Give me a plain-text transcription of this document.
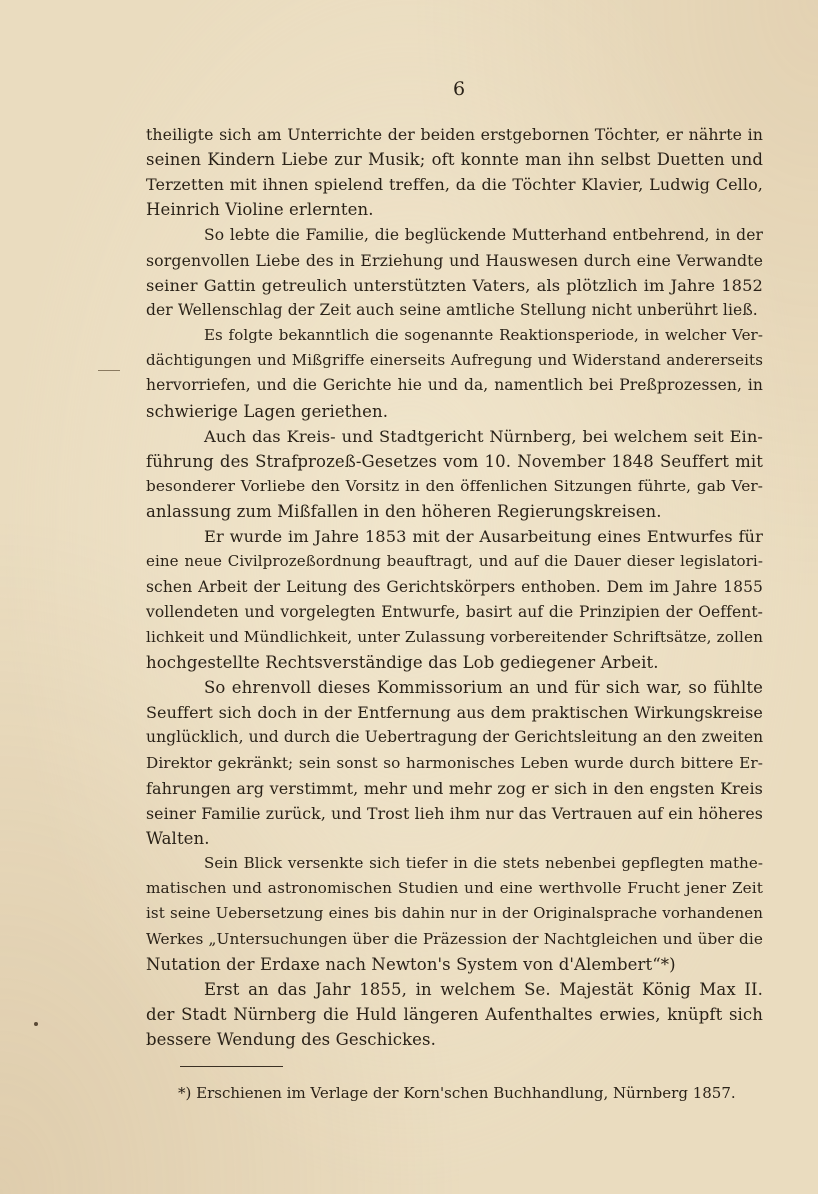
6
theiligte sich am Unterrichte der beiden erstgebornen Töchter, er nährte in
seinen Kindern Liebe zur Musik; oft konnte man ihn selbst Duetten und
Terzetten mit ihnen spielend treffen, da die Töchter Klavier, Ludwig Cello,
Heinrich Violine erlernten.
So lebte die Familie, die beglückende Mutterhand entbehrend, in der
sorgenvollen Liebe des in Erziehung und Hauswesen durch eine Verwandte
seiner Gattin getreulich unterstützten Vaters, als plötzlich im Jahre 1852
der Wellenschlag der Zeit auch seine amtliche Stellung nicht unberührt ließ.
Es folgte bekanntlich die sogenannte Reaktionsperiode, in welcher Ver-
dächtigungen und Mißgriffe einerseits Aufregung und Widerstand andererseits
hervorriefen, und die Gerichte hie und da, namentlich bei Preßprozessen, in
schwierige Lagen geriethen.
Auch das Kreis- und Stadtgericht Nürnberg, bei welchem seit Ein-
führung des Strafprozeß-Gesetzes vom 10. November 1848 Seuffert mit
besonderer Vorliebe den Vorsitz in den öffenlichen Sitzungen führte, gab Ver-
anlassung zum Mißfallen in den höheren Regierungskreisen.
Er wurde im Jahre 1853 mit der Ausarbeitung eines Entwurfes für
eine neue Civilprozeßordnung beauftragt, und auf die Dauer dieser legislatori-
schen Arbeit der Leitung des Gerichtskörpers enthoben. Dem im Jahre 1855
vollendeten und vorgelegten Entwurfe, basirt auf die Prinzipien der Oeffent-
lichkeit und Mündlichkeit, unter Zulassung vorbereitender Schriftsätze, zollen
hochgestellte Rechtsverständige das Lob gediegener Arbeit.
So ehrenvoll dieses Kommissorium an und für sich war, so fühlte
Seuffert sich doch in der Entfernung aus dem praktischen Wirkungskreise
unglücklich, und durch die Uebertragung der Gerichtsleitung an den zweiten
Direktor gekränkt; sein sonst so harmonisches Leben wurde durch bittere Er-
fahrungen arg verstimmt, mehr und mehr zog er sich in den engsten Kreis
seiner Familie zurück, und Trost lieh ihm nur das Vertrauen auf ein höheres
Walten.
Sein Blick versenkte sich tiefer in die stets nebenbei gepflegten mathe-
matischen und astronomischen Studien und eine werthvolle Frucht jener Zeit
ist seine Uebersetzung eines bis dahin nur in der Originalsprache vorhandenen
Werkes „Untersuchungen über die Präzession der Nachtgleichen und über die
Nutation der Erdaxe nach Newton's System von d'Alembert“*)
Erst an das Jahr 1855, in welchem Se. Majestät König Max II.
der Stadt Nürnberg die Huld längeren Aufenthaltes erwies, knüpft sich
bessere Wendung des Geschickes.
*) Erschienen im Verlage der Korn'schen Buchhandlung, Nürnberg 1857.
